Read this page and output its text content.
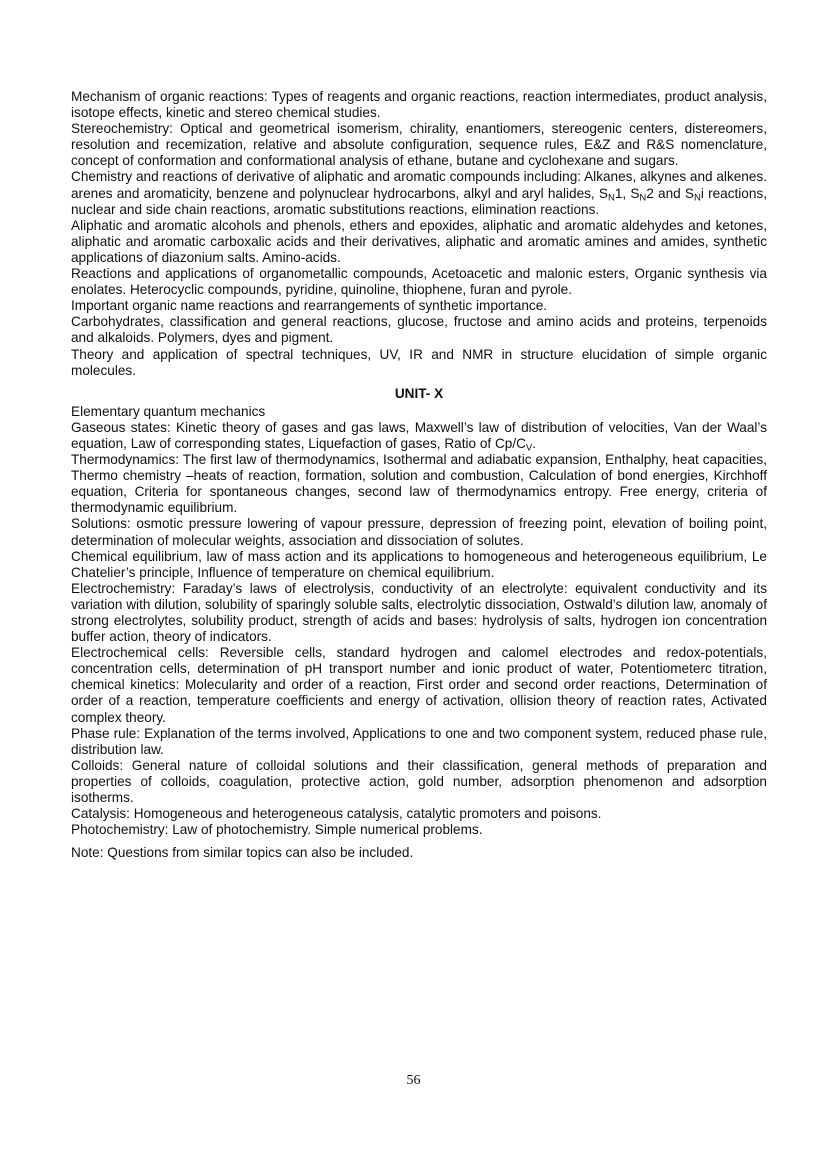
Mechanism of organic reactions: Types of reagents and organic reactions, reaction intermediates, product analysis, isotope effects, kinetic and stereo chemical studies.

Stereochemistry: Optical and geometrical isomerism, chirality, enantiomers, stereogenic centers, distereomers, resolution and recemization, relative and absolute configuration, sequence rules, E&Z and R&S nomenclature, concept of conformation and conformational analysis of ethane, butane and cyclohexane and sugars.

Chemistry and reactions of derivative of aliphatic and aromatic compounds including: Alkanes, alkynes and alkenes. arenes and aromaticity, benzene and polynuclear hydrocarbons, alkyl and aryl halides, $S_N1$, $S_N2$ and $S_Ni$ reactions, nuclear and side chain reactions, aromatic substitutions reactions, elimination reactions.

Aliphatic and aromatic alcohols and phenols, ethers and epoxides, aliphatic and aromatic aldehydes and ketones, aliphatic and aromatic carboxalic acids and their derivatives, aliphatic and aromatic amines and amides, synthetic applications of diazonium salts. Amino-acids.

Reactions and applications of organometallic compounds, Acetoacetic and malonic esters, Organic synthesis via enolates. Heterocyclic compounds, pyridine, quinoline, thiophene, furan and pyrole.

Important organic name reactions and rearrangements of synthetic importance.

Carbohydrates, classification and general reactions, glucose, fructose and amino acids and proteins, terpenoids and alkaloids. Polymers, dyes and pigment.

Theory and application of spectral techniques, UV, IR and NMR in structure elucidation of simple organic molecules.

UNIT- X

Elementary quantum mechanics

Gaseous states: Kinetic theory of gases and gas laws, Maxwell’s law of distribution of velocities, Van der Waal’s equation, Law of corresponding states, Liquefaction of gases, Ratio of $Cp/C_V$.

Thermodynamics: The first law of thermodynamics, Isothermal and adiabatic expansion, Enthalphy, heat capacities, Thermo chemistry –heats of reaction, formation, solution and combustion, Calculation of bond energies, Kirchhoff equation, Criteria for spontaneous changes, second law of thermodynamics entropy. Free energy, criteria of thermodynamic equilibrium.

Solutions: osmotic pressure lowering of vapour pressure, depression of freezing point, elevation of boiling point, determination of molecular weights, association and dissociation of solutes.

Chemical equilibrium, law of mass action and its applications to homogeneous and heterogeneous equilibrium, Le Chatelier’s principle, Influence of temperature on chemical equilibrium.

Electrochemistry: Faraday’s laws of electrolysis, conductivity of an electrolyte: equivalent conductivity and its variation with dilution, solubility of sparingly soluble salts, electrolytic dissociation, Ostwald’s dilution law, anomaly of strong electrolytes, solubility product, strength of acids and bases: hydrolysis of salts, hydrogen ion concentration buffer action, theory of indicators.

Electrochemical cells: Reversible cells, standard hydrogen and calomel electrodes and redox-potentials, concentration cells, determination of pH transport number and ionic product of water, Potentiometerc titration, chemical kinetics: Molecularity and order of a reaction, First order and second order reactions, Determination of order of a reaction, temperature coefficients and energy of activation, ollision theory of reaction rates, Activated complex theory.

Phase rule: Explanation of the terms involved, Applications to one and two component system, reduced phase rule, distribution law.

Colloids: General nature of colloidal solutions and their classification, general methods of preparation and properties of colloids, coagulation, protective action, gold number, adsorption phenomenon and adsorption isotherms.

Catalysis: Homogeneous and heterogeneous catalysis, catalytic promoters and poisons.

Photochemistry: Law of photochemistry. Simple numerical problems.

Note: Questions from similar topics can also be included.

56
